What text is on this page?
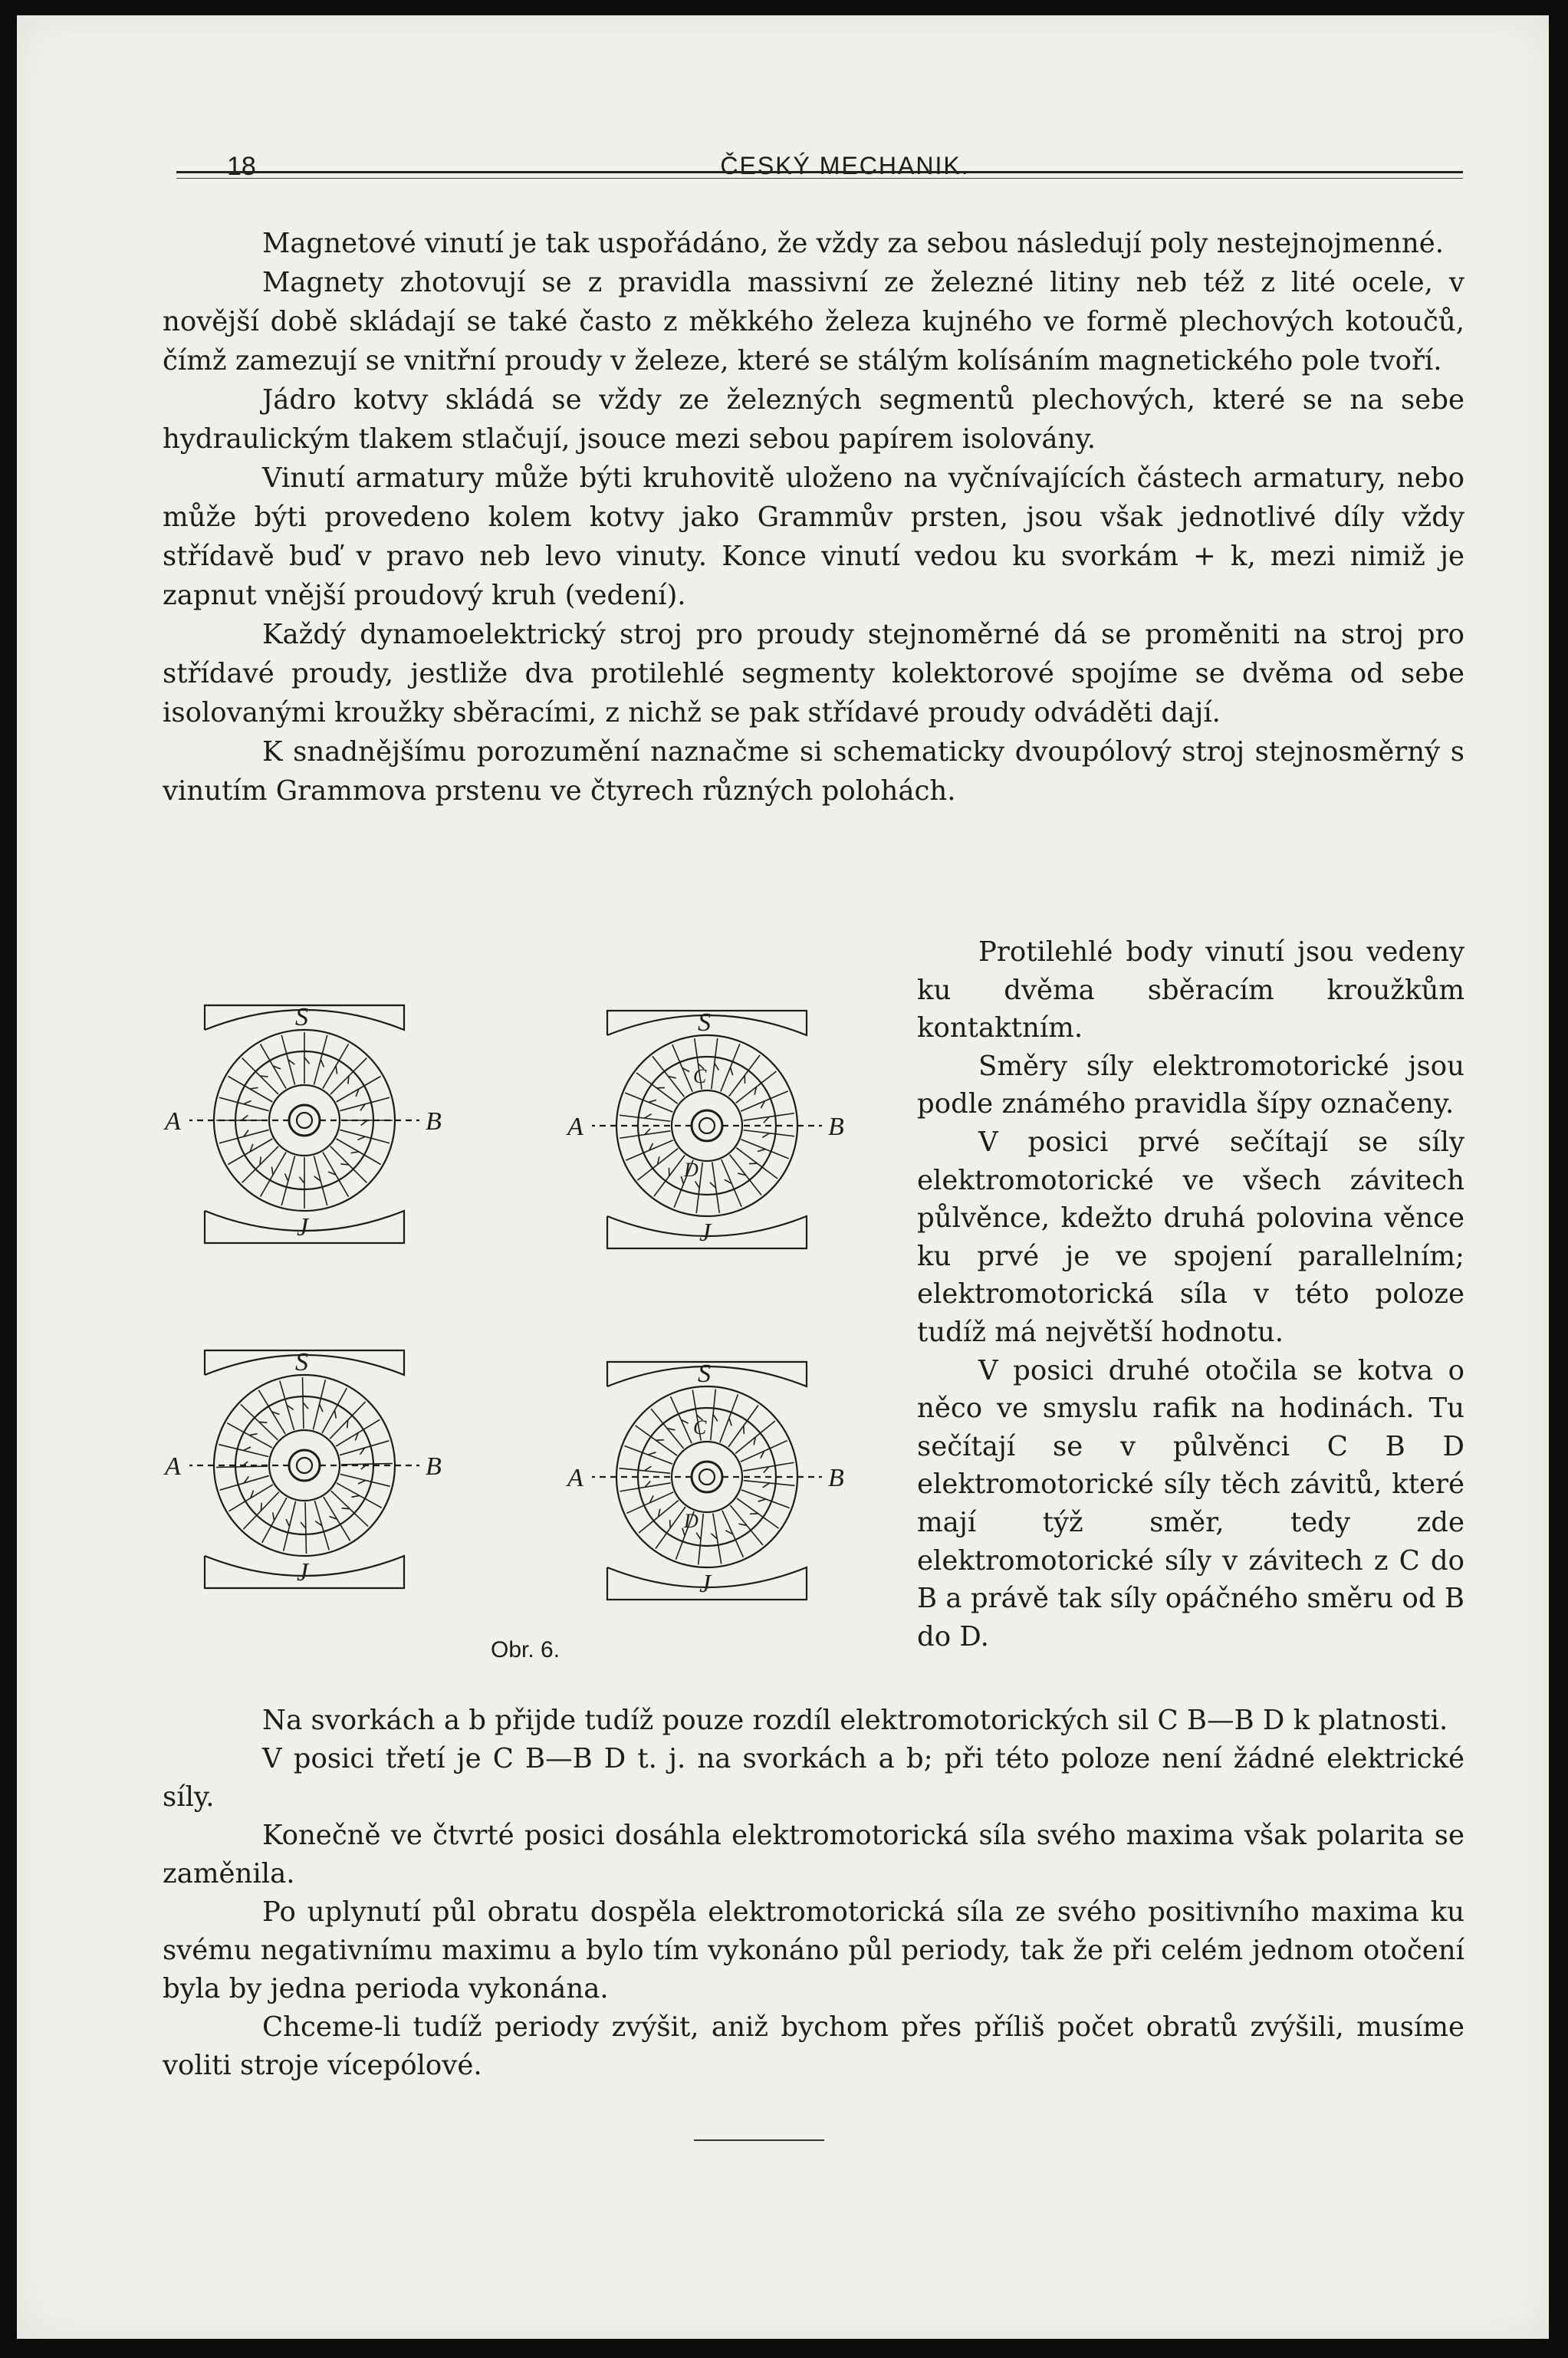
18	ČESKÝ MECHANIK.

Magnetové vinutí je tak uspořádáno, že vždy za sebou následují poly nestejnojmenné.

Magnety zhotovují se z pravidla massivní ze železné litiny neb též z lité ocele, v novější době skládají se také často z měkkého železa kujného ve formě plechových kotoučů, čímž zamezují se vnitřní proudy v železe, které se stálým kolísáním magnetického pole tvoří.

Jádro kotvy skládá se vždy ze železných segmentů plechových, které se na sebe hydraulickým tlakem stlačují, jsouce mezi sebou papírem isolovány.

Vinutí armatury může býti kruhovitě uloženo na vyčnívajících částech armatury, nebo může býti provedeno kolem kotvy jako Grammův prsten, jsou však jednotlivé díly vždy střídavě buď v pravo neb levo vinuty. Konce vinutí vedou ku svorkám + k, mezi nimiž je zapnut vnější proudový kruh (vedení).

Každý dynamoelektrický stroj pro proudy stejnoměrné dá se proměniti na stroj pro střídavé proudy, jestliže dva protilehlé segmenty kolektorové spojíme se dvěma od sebe isolovanými kroužky sběracími, z nichž se pak střídavé proudy odváděti dají.

K snadnějšímu porozumění naznačme si schematicky dvoupólový stroj stejnosměrný s vinutím Grammova prstenu ve čtyrech různých polohách.

S
J
A	B
S
J
A	B
C
D
S
J
A	B
S
J
A	B
C
D
Obr. 6.

Protilehlé body vinutí jsou vedeny ku dvěma sběracím kroužkům kontaktním.

Směry síly elektromotorické jsou podle známého pravidla šípy označeny.

V posici prvé sečítají se síly elektromotorické ve všech závitech půlvěnce, kdežto druhá polovina věnce ku prvé je ve spojení parallelním; elektromotorická síla v této poloze tudíž má největší hodnotu.

V posici druhé otočila se kotva o něco ve smyslu rafik na hodinách. Tu sečítají se v půlvěnci C B D elektromotorické síly těch závitů, které mají týž směr, tedy zde elektromotorické síly v závitech z C do B a právě tak síly opáčného směru od B do D.

Na svorkách a b přijde tudíž pouze rozdíl elektromotorických sil C B—B D k platnosti.

V posici třetí je C B—B D t. j. na svorkách a b; při této poloze není žádné elektrické síly.

Konečně ve čtvrté posici dosáhla elektromotorická síla svého maxima však polarita se zaměnila.

Po uplynutí půl obratu dospěla elektromotorická síla ze svého positivního maxima ku svému negativnímu maximu a bylo tím vykonáno půl periody, tak že při celém jednom otočení byla by jedna perioda vykonána.

Chceme-li tudíž periody zvýšit, aniž bychom přes příliš počet obratů zvýšili, musíme voliti stroje vícepólové.
